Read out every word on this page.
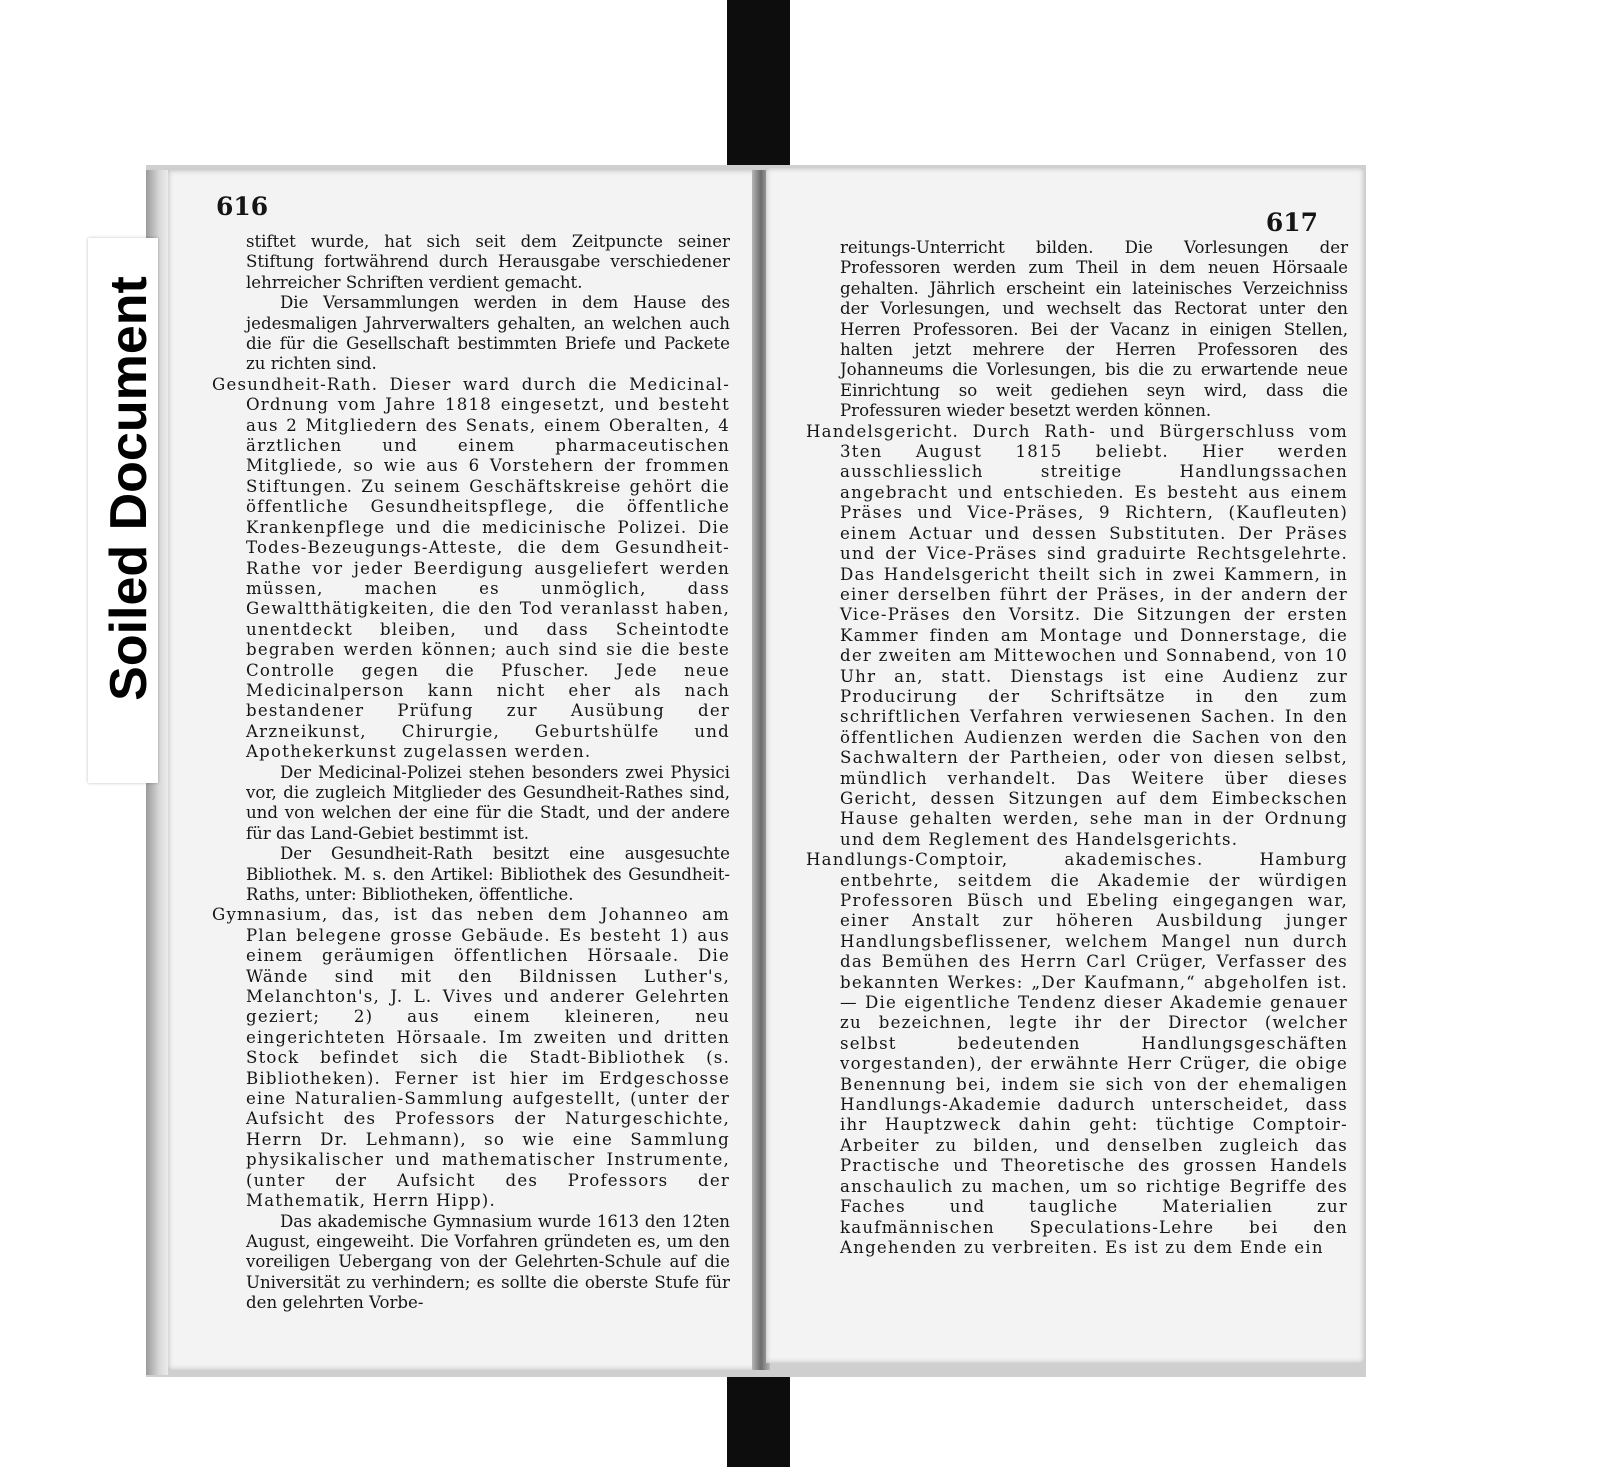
616

stiftet wurde, hat sich seit dem Zeitpuncte seiner Stiftung fortwährend durch Herausgabe verschiedener lehrreicher Schriften verdient gemacht.

Die Versammlungen werden in dem Hause des jedesmaligen Jahrverwalters gehalten, an welchen auch die für die Gesellschaft bestimmten Briefe und Packete zu richten sind.

Gesundheit-Rath. Dieser ward durch die Medicinal-Ordnung vom Jahre 1818 eingesetzt, und besteht aus 2 Mitgliedern des Senats, einem Oberalten, 4 ärztlichen und einem pharmaceutischen Mitgliede, so wie aus 6 Vorstehern der frommen Stiftungen. Zu seinem Geschäftskreise gehört die öffentliche Gesundheitspflege, die öffentliche Krankenpflege und die medicinische Polizei. Die Todes-Bezeugungs-Atteste, die dem Gesundheit-Rathe vor jeder Beerdigung ausgeliefert werden müssen, machen es unmöglich, dass Gewaltthätigkeiten, die den Tod veranlasst haben, unentdeckt bleiben, und dass Scheintodte begraben werden können; auch sind sie die beste Controlle gegen die Pfuscher. Jede neue Medicinalperson kann nicht eher als nach bestandener Prüfung zur Ausübung der Arzneikunst, Chirurgie, Geburtshülfe und Apothekerkunst zugelassen werden.

Der Medicinal-Polizei stehen besonders zwei Physici vor, die zugleich Mitglieder des Gesundheit-Rathes sind, und von welchen der eine für die Stadt, und der andere für das Land-Gebiet bestimmt ist.

Der Gesundheit-Rath besitzt eine ausgesuchte Bibliothek. M. s. den Artikel: Bibliothek des Gesundheit-Raths, unter: Bibliotheken, öffentliche.

Gymnasium, das, ist das neben dem Johanneo am Plan belegene grosse Gebäude. Es besteht 1) aus einem geräumigen öffentlichen Hörsaale. Die Wände sind mit den Bildnissen Luther's, Melanchton's, J. L. Vives und anderer Gelehrten geziert; 2) aus einem kleineren, neu eingerichteten Hörsaale. Im zweiten und dritten Stock befindet sich die Stadt-Bibliothek (s. Bibliotheken). Ferner ist hier im Erdgeschosse eine Naturalien-Sammlung aufgestellt, (unter der Aufsicht des Professors der Naturgeschichte, Herrn Dr. Lehmann), so wie eine Sammlung physikalischer und mathematischer Instrumente, (unter der Aufsicht des Professors der Mathematik, Herrn Hipp).

Das akademische Gymnasium wurde 1613 den 12ten August, eingeweiht. Die Vorfahren gründeten es, um den voreiligen Uebergang von der Gelehrten-Schule auf die Universität zu verhindern; es sollte die oberste Stufe für den gelehrten Vorbe-

617

reitungs-Unterricht bilden. Die Vorlesungen der Professoren werden zum Theil in dem neuen Hörsaale gehalten. Jährlich erscheint ein lateinisches Verzeichniss der Vorlesungen, und wechselt das Rectorat unter den Herren Professoren. Bei der Vacanz in einigen Stellen, halten jetzt mehrere der Herren Professoren des Johanneums die Vorlesungen, bis die zu erwartende neue Einrichtung so weit gediehen seyn wird, dass die Professuren wieder besetzt werden können.

Handelsgericht. Durch Rath- und Bürgerschluss vom 3ten August 1815 beliebt. Hier werden ausschliesslich streitige Handlungssachen angebracht und entschieden. Es besteht aus einem Präses und Vice-Präses, 9 Richtern, (Kaufleuten) einem Actuar und dessen Substituten. Der Präses und der Vice-Präses sind graduirte Rechtsgelehrte. Das Handelsgericht theilt sich in zwei Kammern, in einer derselben führt der Präses, in der andern der Vice-Präses den Vorsitz. Die Sitzungen der ersten Kammer finden am Montage und Donnerstage, die der zweiten am Mittewochen und Sonnabend, von 10 Uhr an, statt. Dienstags ist eine Audienz zur Producirung der Schriftsätze in den zum schriftlichen Verfahren verwiesenen Sachen. In den öffentlichen Audienzen werden die Sachen von den Sachwaltern der Partheien, oder von diesen selbst, mündlich verhandelt. Das Weitere über dieses Gericht, dessen Sitzungen auf dem Eimbeckschen Hause gehalten werden, sehe man in der Ordnung und dem Reglement des Handelsgerichts.

Handlungs-Comptoir, akademisches. Hamburg entbehrte, seitdem die Akademie der würdigen Professoren Büsch und Ebeling eingegangen war, einer Anstalt zur höheren Ausbildung junger Handlungsbeflissener, welchem Mangel nun durch das Bemühen des Herrn Carl Crüger, Verfasser des bekannten Werkes: „Der Kaufmann,“ abgeholfen ist. — Die eigentliche Tendenz dieser Akademie genauer zu bezeichnen, legte ihr der Director (welcher selbst bedeutenden Handlungsgeschäften vorgestanden), der erwähnte Herr Crüger, die obige Benennung bei, indem sie sich von der ehemaligen Handlungs-Akademie dadurch unterscheidet, dass ihr Hauptzweck dahin geht: tüchtige Comptoir-Arbeiter zu bilden, und denselben zugleich das Practische und Theoretische des grossen Handels anschaulich zu machen, um so richtige Begriffe des Faches und taugliche Materialien zur kaufmännischen Speculations-Lehre bei den Angehenden zu verbreiten. Es ist zu dem Ende ein

Soiled Document
